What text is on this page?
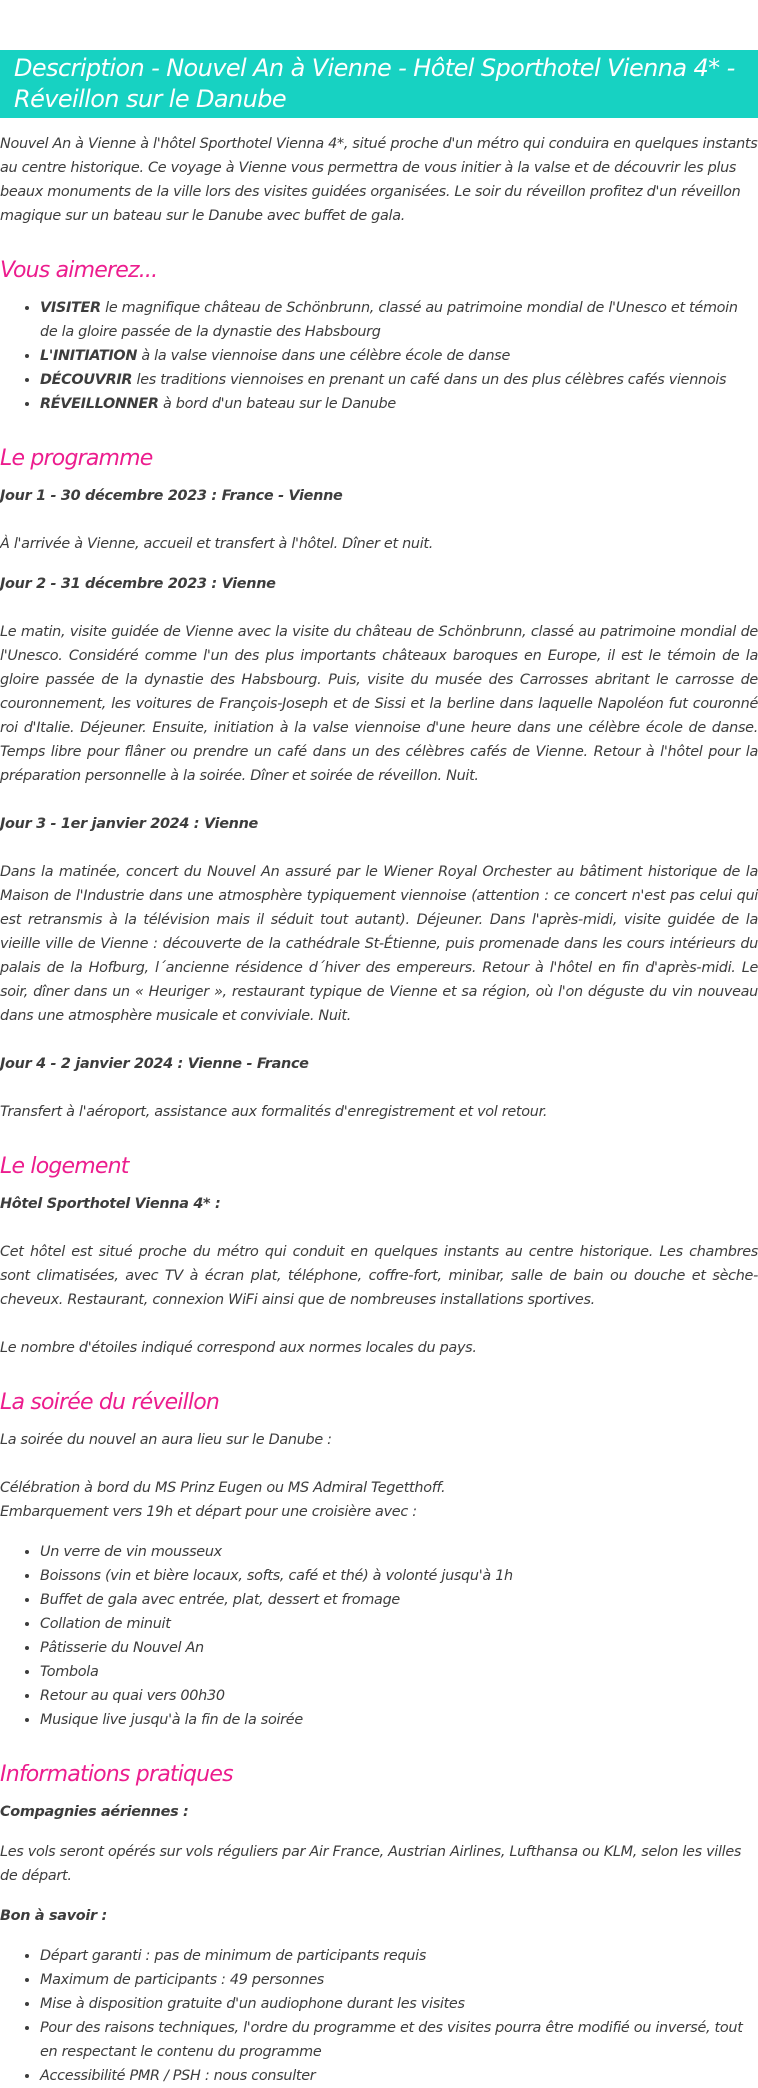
Description - Nouvel An à Vienne - Hôtel Sporthotel Vienna 4* - Réveillon sur le Danube

Nouvel An à Vienne à l'hôtel Sporthotel Vienna 4*, situé proche d'un métro qui conduira en quelques instants au centre historique. Ce voyage à Vienne vous permettra de vous initier à la valse et de découvrir les plus beaux monuments de la ville lors des visites guidées organisées. Le soir du réveillon profitez d'un réveillon magique sur un bateau sur le Danube avec buffet de gala.

Vous aimerez...
• VISITER le magnifique château de Schönbrunn, classé au patrimoine mondial de l'Unesco et témoin de la gloire passée de la dynastie des Habsbourg
• L'INITIATION à la valse viennoise dans une célèbre école de danse
• DÉCOUVRIR les traditions viennoises en prenant un café dans un des plus célèbres cafés viennois
• RÉVEILLONNER à bord d'un bateau sur le Danube
Le programme
Jour 1 - 30 décembre 2023 : France - Vienne

À l'arrivée à Vienne, accueil et transfert à l'hôtel. Dîner et nuit.

Jour 2 - 31 décembre 2023 : Vienne

Le matin, visite guidée de Vienne avec la visite du château de Schönbrunn, classé au patrimoine mondial de l'Unesco. Considéré comme l'un des plus importants châteaux baroques en Europe, il est le témoin de la gloire passée de la dynastie des Habsbourg. Puis, visite du musée des Carrosses abritant le carrosse de couronnement, les voitures de François-Joseph et de Sissi et la berline dans laquelle Napoléon fut couronné roi d'Italie. Déjeuner. Ensuite, initiation à la valse viennoise d'une heure dans une célèbre école de danse. Temps libre pour flâner ou prendre un café dans un des célèbres cafés de Vienne. Retour à l'hôtel pour la préparation personnelle à la soirée. Dîner et soirée de réveillon. Nuit.

Jour 3 - 1er janvier 2024 : Vienne

Dans la matinée, concert du Nouvel An assuré par le Wiener Royal Orchester au bâtiment historique de la Maison de l'Industrie dans une atmosphère typiquement viennoise (attention : ce concert n'est pas celui qui est retransmis à la télévision mais il séduit tout autant). Déjeuner. Dans l'après-midi, visite guidée de la vieille ville de Vienne : découverte de la cathédrale St-Étienne, puis promenade dans les cours intérieurs du palais de la Hofburg, l´ancienne résidence d´hiver des empereurs. Retour à l'hôtel en fin d'après-midi. Le soir, dîner dans un « Heuriger », restaurant typique de Vienne et sa région, où l'on déguste du vin nouveau dans une atmosphère musicale et conviviale. Nuit.

Jour 4 - 2 janvier 2024 : Vienne - France

Transfert à l'aéroport, assistance aux formalités d'enregistrement et vol retour.

Le logement
Hôtel Sporthotel Vienna 4* :

Cet hôtel est situé proche du métro qui conduit en quelques instants au centre historique. Les chambres sont climatisées, avec TV à écran plat, téléphone, coffre-fort, minibar, salle de bain ou douche et sèche-cheveux. Restaurant, connexion WiFi ainsi que de nombreuses installations sportives.

Le nombre d'étoiles indiqué correspond aux normes locales du pays.

La soirée du réveillon

La soirée du nouvel an aura lieu sur le Danube :

Célébration à bord du MS Prinz Eugen ou MS Admiral Tegetthoff.

Embarquement vers 19h et départ pour une croisière avec :

• Un verre de vin mousseux
• Boissons (vin et bière locaux, softs, café et thé) à volonté jusqu'à 1h
• Buffet de gala avec entrée, plat, dessert et fromage
• Collation de minuit
• Pâtisserie du Nouvel An
• Tombola
• Retour au quai vers 00h30
• Musique live jusqu'à la fin de la soirée
Informations pratiques
Compagnies aériennes :

Les vols seront opérés sur vols réguliers par Air France, Austrian Airlines, Lufthansa ou KLM, selon les villes de départ.

Bon à savoir :
• Départ garanti : pas de minimum de participants requis
• Maximum de participants : 49 personnes
• Mise à disposition gratuite d'un audiophone durant les visites
• Pour des raisons techniques, l'ordre du programme et des visites pourra être modifié ou inversé, tout en respectant le contenu du programme
• Accessibilité PMR / PSH : nous consulter
